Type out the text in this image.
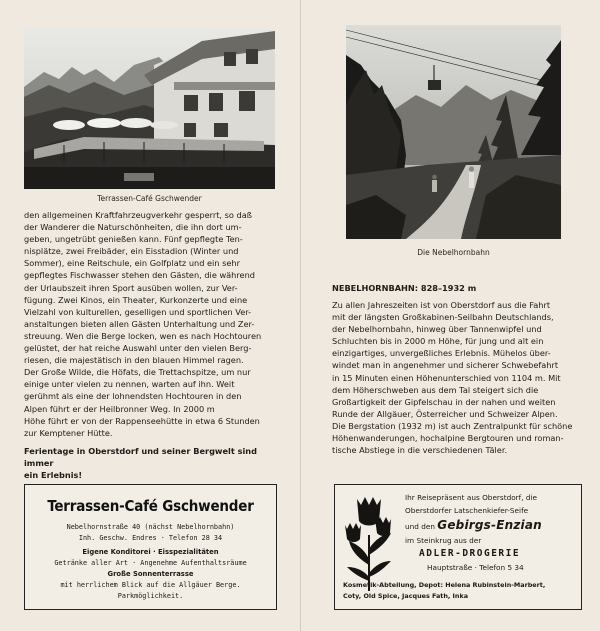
Terrassen-Café Gschwender
den allgemeinen Kraftfahrzeugverkehr gesperrt, so daß
der Wanderer die Naturschönheiten, die ihn dort um-
geben, ungetrübt genießen kann. Fünf gepflegte Ten-
nisplätze, zwei Freibäder, ein Eisstadion (Winter und
Sommer), eine Reitschule, ein Golfplatz und ein sehr
gepflegtes Fischwasser stehen den Gästen, die während
der Urlaubszeit ihren Sport ausüben wollen, zur Ver-
fügung. Zwei Kinos, ein Theater, Kurkonzerte und eine
Vielzahl von kulturellen, geselligen und sportlichen Ver-
anstaltungen bieten allen Gästen Unterhaltung und Zer-
streuung. Wen die Berge locken, wen es nach Hochtouren
gelüstet, der hat reiche Auswahl unter den vielen Berg-
riesen, die majestätisch in den blauen Himmel ragen.
Der Große Wilde, die Höfats, die Trettachspitze, um nur
einige unter vielen zu nennen, warten auf ihn. Weit
gerühmt als eine der lohnendsten Hochtouren in den
Alpen führt er der Heilbronner Weg. In 2000 m
Höhe führt er von der Rappenseehütte in etwa 6 Stunden
zur Kemptener Hütte.
Ferientage in Oberstdorf und seiner Bergwelt sind immer
ein Erlebnis!
Terrassen-Café Gschwender
Nebelhornstraße 40 (nächst Nebelhornbahn)
Inh. Geschw. Endres · Telefon 28 34
Eigene Konditorei · Eisspezialitäten
Getränke aller Art · Angenehme Aufenthaltsräume
Große Sonnenterrasse
mit herrlichem Blick auf die Allgäuer Berge.
Parkmöglichkeit.
Die Nebelhornbahn
NEBELHORNBAHN: 828–1932 m
Zu allen Jahreszeiten ist von Oberstdorf aus die Fahrt
mit der längsten Großkabinen-Seilbahn Deutschlands,
der Nebelhornbahn, hinweg über Tannenwipfel und
Schluchten bis in 2000 m Höhe, für jung und alt ein
einzigartiges, unvergeßliches Erlebnis. Mühelos über-
windet man in angenehmer und sicherer Schwebefahrt
in 15 Minuten einen Höhenunterschied von 1104 m. Mit
dem Höherschweben aus dem Tal steigert sich die
Großartigkeit der Gipfelschau in der nahen und weiten
Runde der Allgäuer, Österreicher und Schweizer Alpen.
Die Bergstation (1932 m) ist auch Zentralpunkt für schöne
Höhenwanderungen, hochalpine Bergtouren und roman-
tische Abstiege in die verschiedenen Täler.
Ihr Reisepräsent aus Oberstdorf, die
Oberstdorfer Latschenkiefer-Seife
und den Gebirgs-Enzian
im Steinkrug aus der
ADLER-DROGERIE
Hauptstraße · Telefon 5 34
Kosmetik-Abteilung, Depot: Helena Rubinstein-Marbert,
Coty, Old Spice, Jacques Fath, Inka
